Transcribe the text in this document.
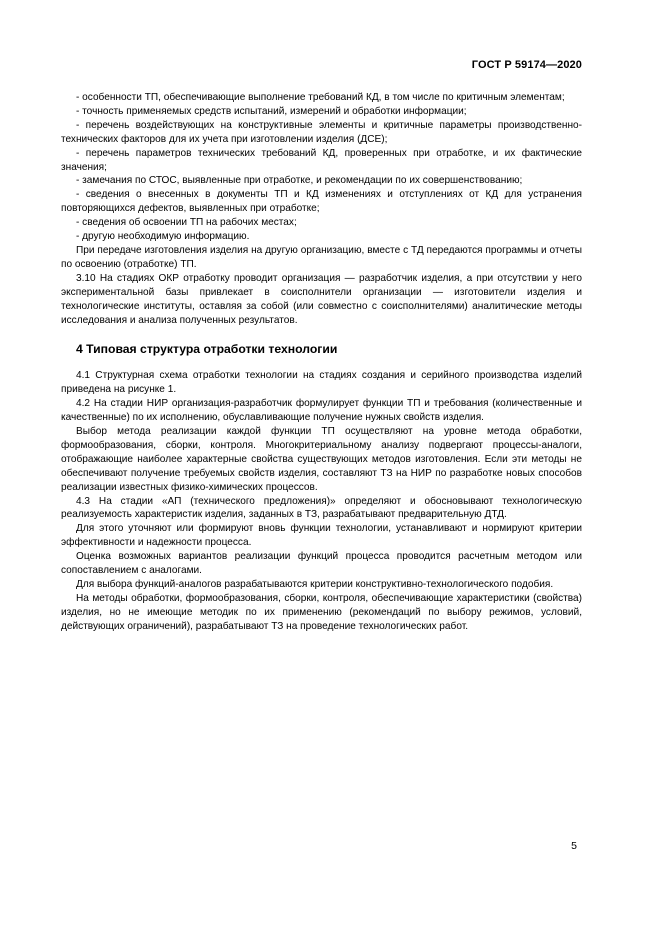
ГОСТ Р 59174—2020

- особенности ТП, обеспечивающие выполнение требований КД, в том числе по критичным элементам;

- точность применяемых средств испытаний, измерений и обработки информации;

- перечень воздействующих на конструктивные элементы и критичные параметры производственно-технических факторов для их учета при изготовлении изделия (ДСЕ);

- перечень параметров технических требований КД, проверенных при отработке, и их фактические значения;

- замечания по СТОС, выявленные при отработке, и рекомендации по их совершенствованию;

- сведения о внесенных в документы ТП и КД изменениях и отступлениях от КД для устранения повторяющихся дефектов, выявленных при отработке;

- сведения об освоении ТП на рабочих местах;

- другую необходимую информацию.

При передаче изготовления изделия на другую организацию, вместе с ТД передаются программы и отчеты по освоению (отработке) ТП.

3.10 На стадиях ОКР отработку проводит организация — разработчик изделия, а при отсутствии у него экспериментальной базы привлекает в соисполнители организации — изготовители изделия и технологические институты, оставляя за собой (или совместно с соисполнителями) аналитические методы исследования и анализа полученных результатов.

4 Типовая структура отработки технологии

4.1 Структурная схема отработки технологии на стадиях создания и серийного производства изделий приведена на рисунке 1.

4.2 На стадии НИР организация-разработчик формулирует функции ТП и требования (количественные и качественные) по их исполнению, обуславливающие получение нужных свойств изделия.

Выбор метода реализации каждой функции ТП осуществляют на уровне метода обработки, формообразования, сборки, контроля. Многокритериальному анализу подвергают процессы-аналоги, отображающие наиболее характерные свойства существующих методов изготовления. Если эти методы не обеспечивают получение требуемых свойств изделия, составляют ТЗ на НИР по разработке новых способов реализации известных физико-химических процессов.

4.3 На стадии «АП (технического предложения)» определяют и обосновывают технологическую реализуемость характеристик изделия, заданных в ТЗ, разрабатывают предварительную ДТД.

Для этого уточняют или формируют вновь функции технологии, устанавливают и нормируют критерии эффективности и надежности процесса.

Оценка возможных вариантов реализации функций процесса проводится расчетным методом или сопоставлением с аналогами.

Для выбора функций-аналогов разрабатываются критерии конструктивно-технологического подобия.

На методы обработки, формообразования, сборки, контроля, обеспечивающие характеристики (свойства) изделия, но не имеющие методик по их применению (рекомендаций по выбору режимов, условий, действующих ограничений), разрабатывают ТЗ на проведение технологических работ.

5
